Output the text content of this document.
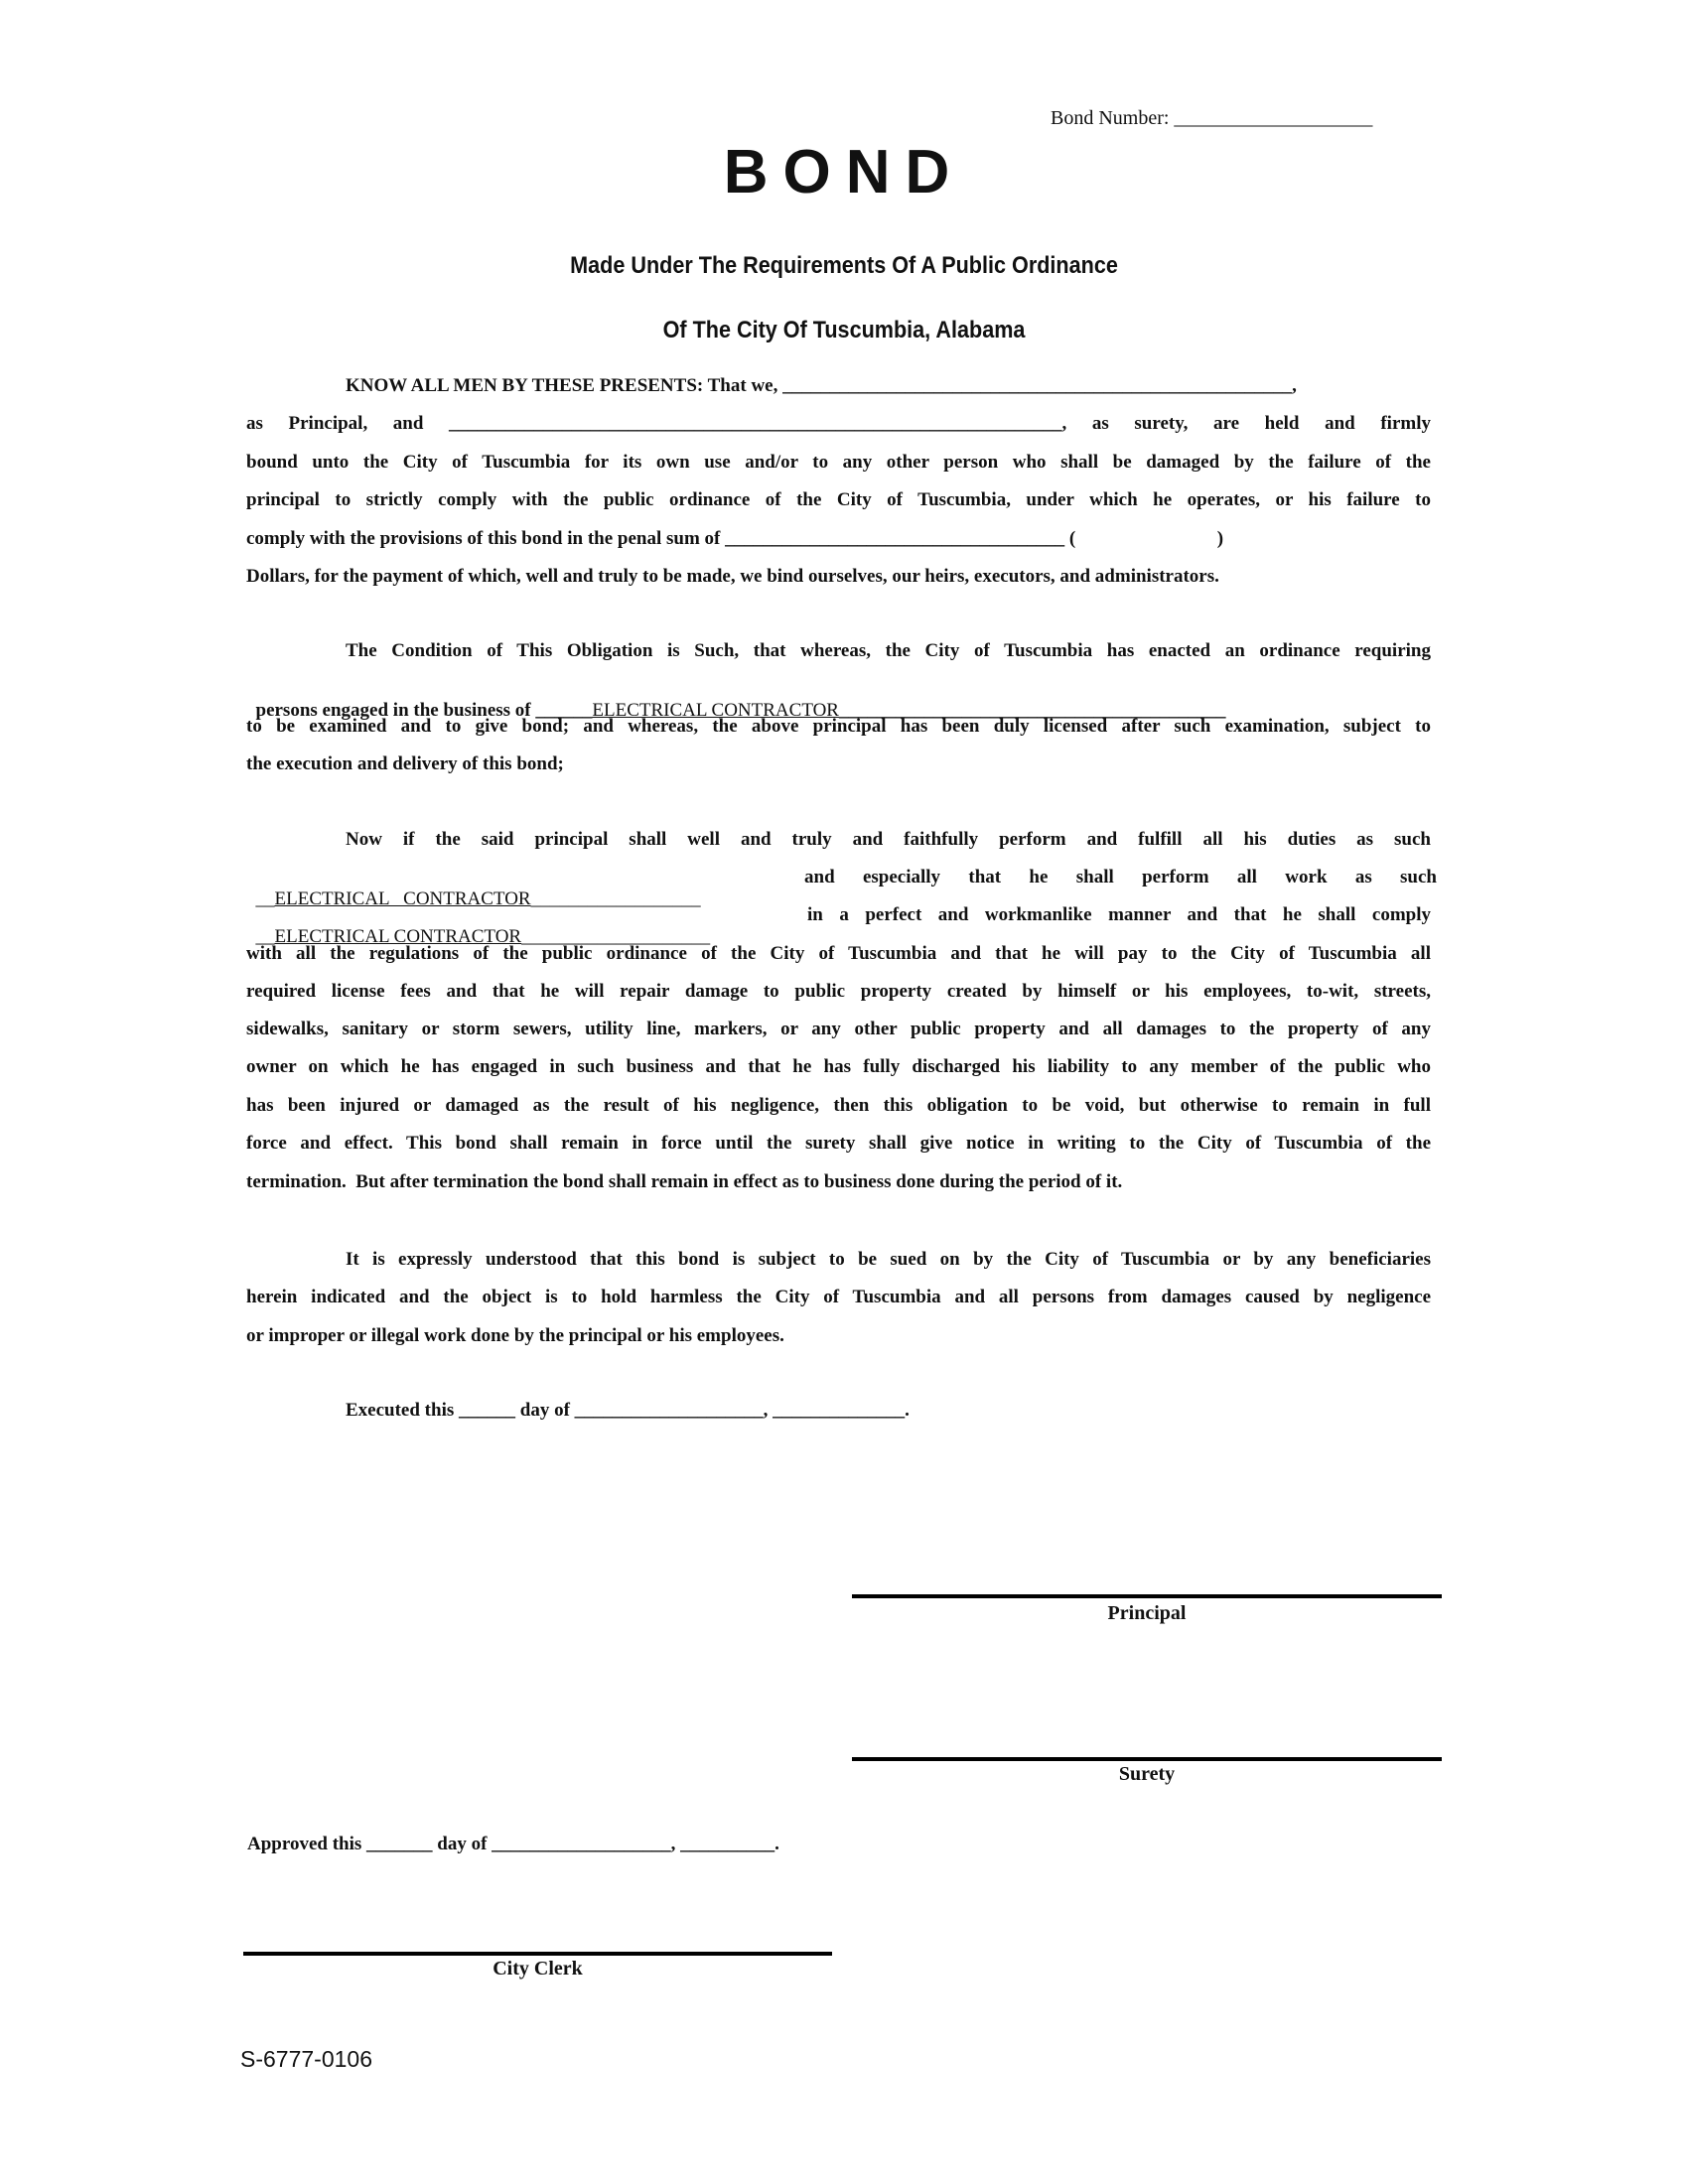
Bond Number: ____________________
BOND
Made Under The Requirements Of A Public Ordinance
Of The City Of Tuscumbia, Alabama
KNOW ALL MEN BY THESE PRESENTS: That we, ______________________________________________________,
as Principal, and _________________________________________________________________, as surety, are held and firmly
bound unto the City of Tuscumbia for its own use and/or to any other person who shall be damaged by the failure of the
principal to strictly comply with the public ordinance of the City of Tuscumbia, under which he operates, or his failure to
comply with the provisions of this bond in the penal sum of ____________________________________ (                              )
Dollars, for the payment of which, well and truly to be made, we bind ourselves, our heirs, executors, and administrators.
The Condition of This Obligation is Such, that whereas, the City of Tuscumbia has enacted an ordinance requiring

persons engaged in the business of ______ELECTRICAL CONTRACTOR_________________________________________

to be examined and to give bond; and whereas, the above principal has been duly licensed after such examination, subject to
the execution and delivery of this bond;
Now if the said principal shall well and truly and faithfully perform and fulfill all his duties as such

__ELECTRICAL   CONTRACTOR__________________

and especially that he shall perform all work as such

__ELECTRICAL CONTRACTOR____________________

in a perfect and workmanlike manner and that he shall comply

with all the regulations of the public ordinance of the City of Tuscumbia and that he will pay to the City of Tuscumbia all
required license fees and that he will repair damage to public property created by himself or his employees, to-wit, streets,
sidewalks, sanitary or storm sewers, utility line, markers, or any other public property and all damages to the property of any
owner on which he has engaged in such business and that he has fully discharged his liability to any member of the public who
has been injured or damaged as the result of his negligence, then this obligation to be void, but otherwise to remain in full
force and effect. This bond shall remain in force until the surety shall give notice in writing to the City of Tuscumbia of the
termination.  But after termination the bond shall remain in effect as to business done during the period of it.
It is expressly understood that this bond is subject to be sued on by the City of Tuscumbia or by any beneficiaries
herein indicated and the object is to hold harmless the City of Tuscumbia and all persons from damages caused by negligence
or improper or illegal work done by the principal or his employees.
Executed this ______ day of ____________________, ______________.
Principal
Surety
Approved this _______ day of ___________________, __________.
City Clerk
S-6777-0106
